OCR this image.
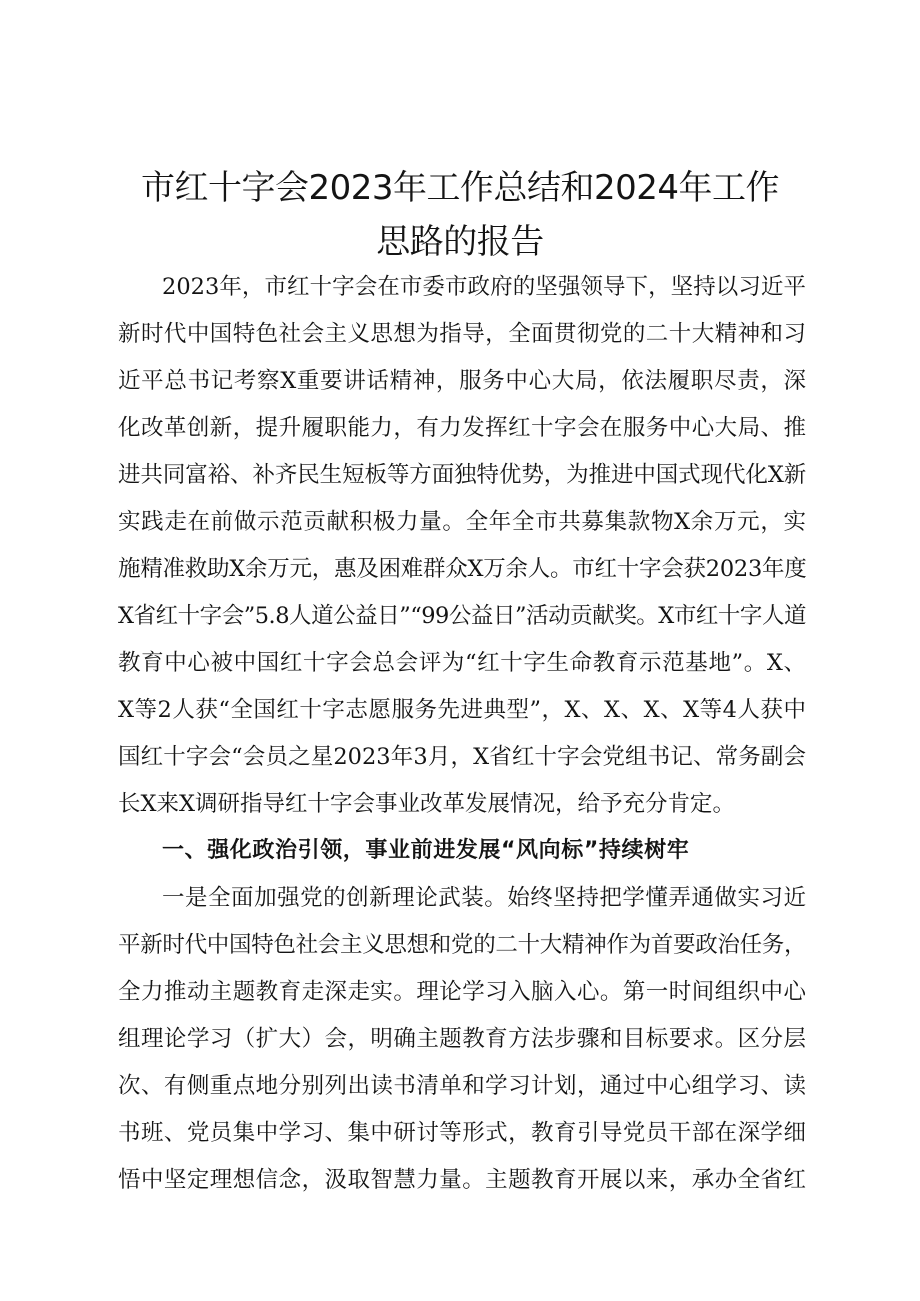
市红十字会2023年工作总结和2024年工作
思路的报告

2023年，市红十字会在市委市政府的坚强领导下，坚持以习近平

新时代中国特色社会主义思想为指导，全面贯彻党的二十大精神和习

近平总书记考察X重要讲话精神，服务中心大局，依法履职尽责，深

化改革创新，提升履职能力，有力发挥红十字会在服务中心大局、推

进共同富裕、补齐民生短板等方面独特优势，为推进中国式现代化X新

实践走在前做示范贡献积极力量。全年全市共募集款物X余万元，实

施精准救助X余万元，惠及困难群众X万余人。市红十字会获2023年度

X省红十字会”5.8人道公益日”“99公益日”活动贡献奖。X市红十字人道

教育中心被中国红十字会总会评为“红十字生命教育示范基地”。X、

X等2人获“全国红十字志愿服务先进典型”，X、X、X、X等4人获中

国红十字会“会员之星2023年3月，X省红十字会党组书记、常务副会

长X来X调研指导红十字会事业改革发展情况，给予充分肯定。

一、强化政治引领，事业前进发展“风向标”持续树牢

一是全面加强党的创新理论武装。始终坚持把学懂弄通做实习近

平新时代中国特色社会主义思想和党的二十大精神作为首要政治任务，

全力推动主题教育走深走实。理论学习入脑入心。第一时间组织中心

组理论学习（扩大）会，明确主题教育方法步骤和目标要求。区分层

次、有侧重点地分别列出读书清单和学习计划，通过中心组学习、读

书班、党员集中学习、集中研讨等形式，教育引导党员干部在深学细

悟中坚定理想信念，汲取智慧力量。主题教育开展以来，承办全省红
